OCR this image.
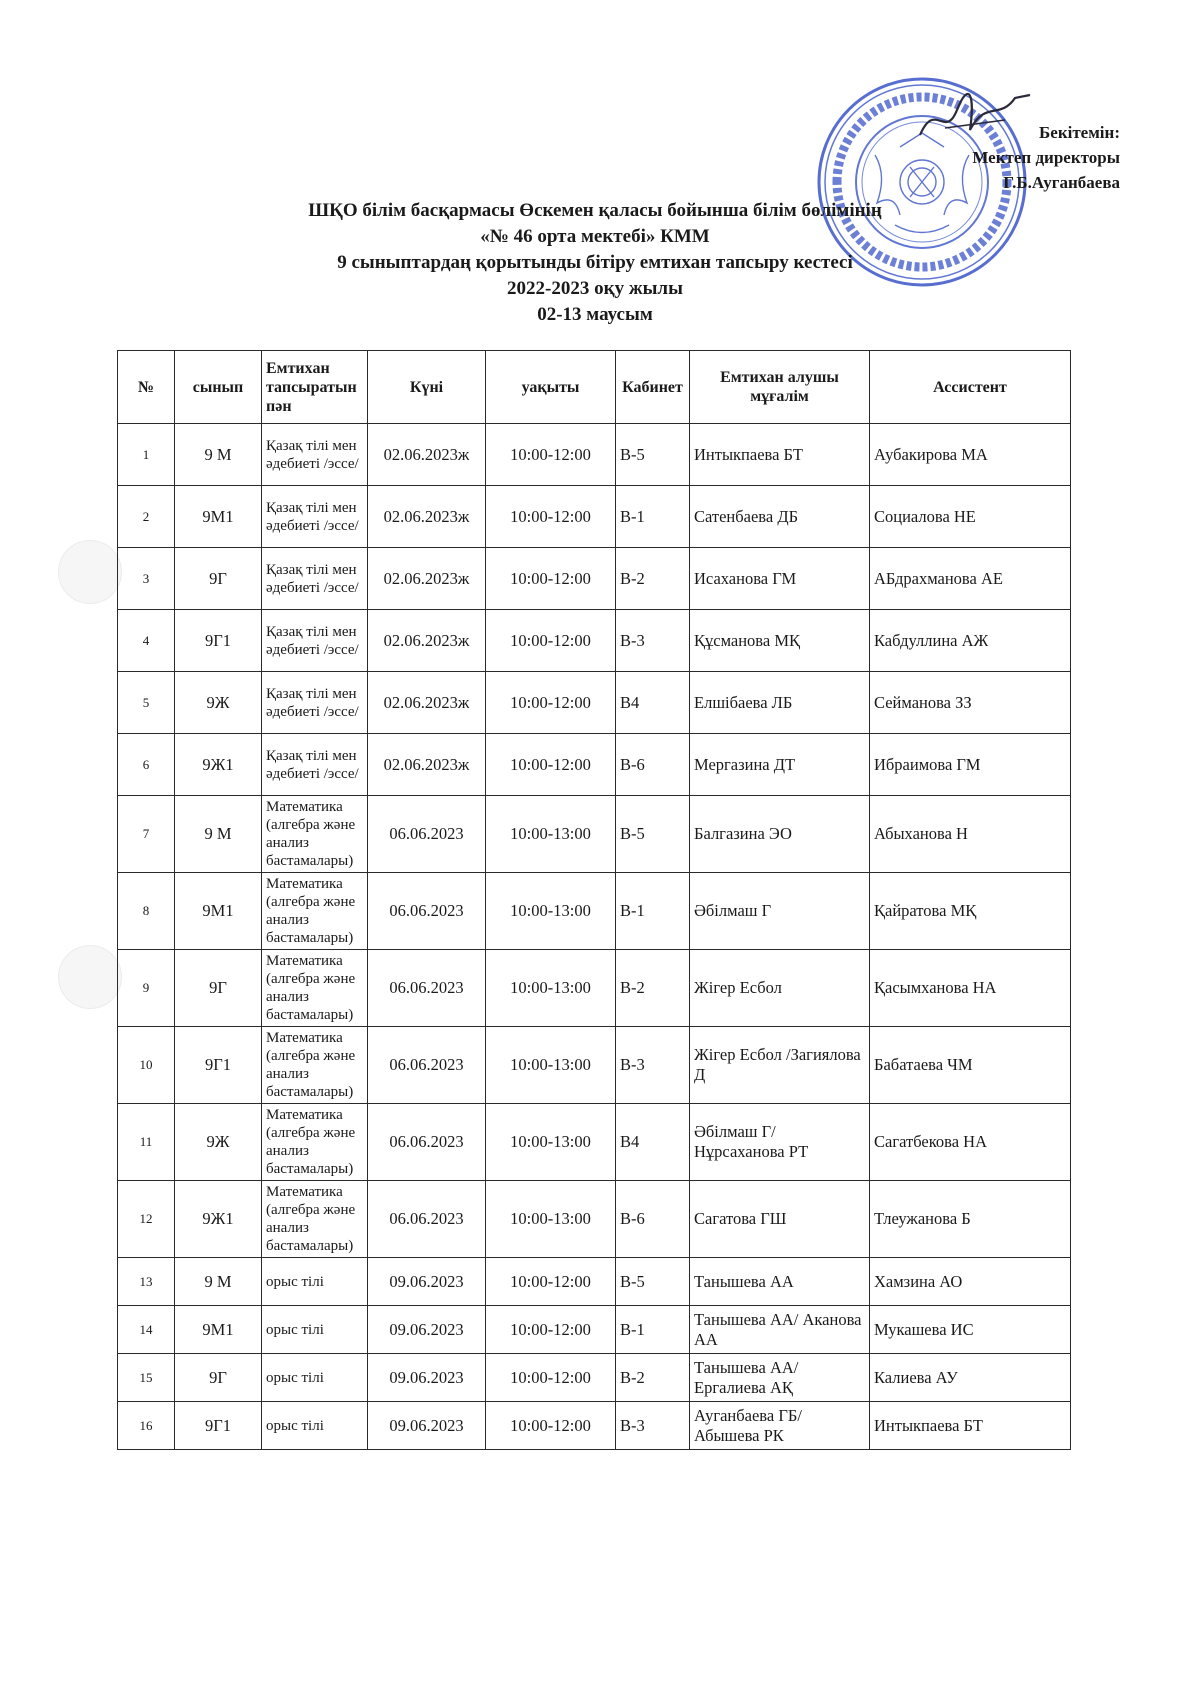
Бекітемін:
Мектеп директоры
Г.Б.Ауганбаева
ШҚО білім басқармасы Өскемен қаласы бойынша білім бөлімінің
«№ 46 орта мектебі» КММ
9 сыныптардаң қорытынды бітіру емтихан тапсыру кестесі
2022-2023 оқу жылы
02-13 маусым
№	сынып	Емтихан тапсыратын пән	Күні	уақыты	Кабинет	Емтихан алушы мұғалім	Ассистент
1	9 М	Қазақ тілі мен әдебиеті /эссе/	02.06.2023ж	10:00-12:00	В-5	Интыкпаева БТ	Аубакирова МА
2	9М1	Қазақ тілі мен әдебиеті /эссе/	02.06.2023ж	10:00-12:00	В-1	Сатенбаева ДБ	Социалова НЕ
3	9Г	Қазақ тілі мен әдебиеті /эссе/	02.06.2023ж	10:00-12:00	В-2	Исаханова ГМ	АБдрахманова АЕ
4	9Г1	Қазақ тілі мен әдебиеті /эссе/	02.06.2023ж	10:00-12:00	В-3	Құсманова МҚ	Кабдуллина АЖ
5	9Ж	Қазақ тілі мен әдебиеті /эссе/	02.06.2023ж	10:00-12:00	В4	Елшібаева ЛБ	Сейманова ЗЗ
6	9Ж1	Қазақ тілі мен әдебиеті /эссе/	02.06.2023ж	10:00-12:00	В-6	Мергазина ДТ	Ибраимова ГМ
7	9 М	Математика (алгебра және анализ бастамалары)	06.06.2023	10:00-13:00	В-5	Балгазина ЭО	Абыханова Н
8	9М1	Математика (алгебра және анализ бастамалары)	06.06.2023	10:00-13:00	В-1	Әбілмаш Г	Қайратова МҚ
9	9Г	Математика (алгебра және анализ бастамалары)	06.06.2023	10:00-13:00	В-2	Жігер Есбол	Қасымханова НА
10	9Г1	Математика (алгебра және анализ бастамалары)	06.06.2023	10:00-13:00	В-3	Жігер Есбол /Загиялова Д	Бабатаева ЧМ
11	9Ж	Математика (алгебра және анализ бастамалары)	06.06.2023	10:00-13:00	В4	Әбілмаш Г/Нұрсаханова РТ	Сагатбекова НА
12	9Ж1	Математика (алгебра және анализ бастамалары)	06.06.2023	10:00-13:00	В-6	Сагатова ГШ	Тлеужанова Б
13	9 М	орыс тілі	09.06.2023	10:00-12:00	В-5	Танышева АА	Хамзина АО
14	9М1	орыс тілі	09.06.2023	10:00-12:00	В-1	Танышева АА/ Аканова АА	Мукашева ИС
15	9Г	орыс тілі	09.06.2023	10:00-12:00	В-2	Танышева АА/ Ергалиева АҚ	Калиева АУ
16	9Г1	орыс тілі	09.06.2023	10:00-12:00	В-3	Ауганбаева ГБ/ Абышева РК	Интыкпаева БТ
